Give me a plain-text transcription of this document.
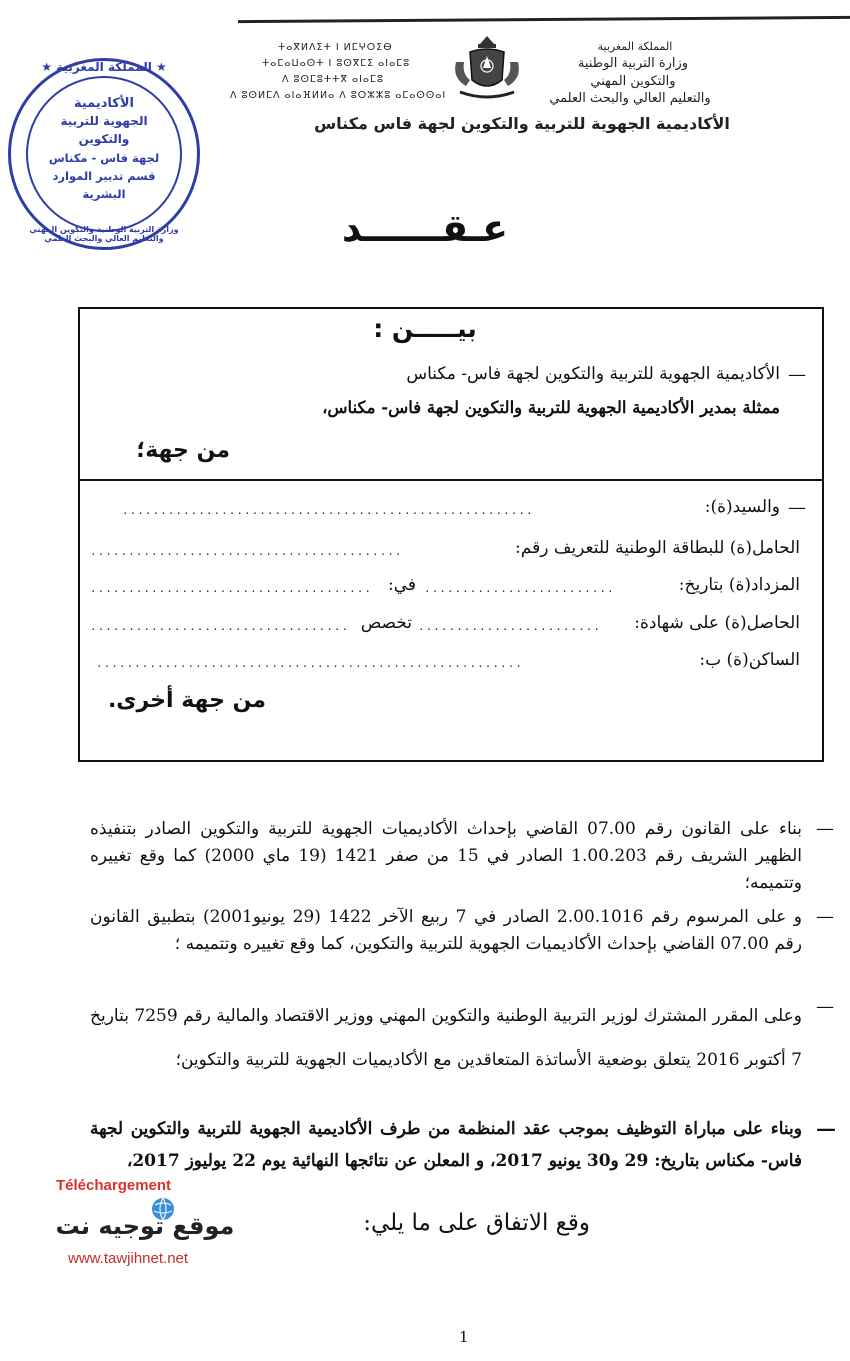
ⵜⴰⴳⵍⴷⵉⵜ ⵏ ⵍⵎⵖⵔⵉⴱ
ⵜⴰⵎⴰⵡⴰⵙⵜ ⵏ ⵓⵙⴳⵎⵉ ⴰⵏⴰⵎⵓ
ⴷ ⵓⵙⵎⵓⵜⵜⴳ ⴰⵏⴰⵎⵓ
ⴷ ⵓⵙⵍⵎⴷ ⴰⵏⴰⴼⵍⵍⴰ ⴷ ⵓⵔⵣⵣⵓ ⴰⵎⴰⵙⵙⴰⵏ
المملكة المغربية
وزارة التربية الوطنية
والتكوين المهني
والتعليم العالي والبحث العلمي
الأكاديمية الجهوية للتربية والتكوين لجهة فاس مكناس
★ المملكة المغربية ★
الأكاديمية
الجهوية للتربية
والتكوين
لجهة فاس - مكناس
قسم تدبير الموارد
البشرية
وزارة التربية الوطنية والتكوين المهني والتعليم العالي والبحث العلمي	عـقــــــد
بيـــــن :
—
الأكاديمية الجهوية للتربية والتكوين لجهة فاس- مكناس
ممثلة بمدير الأكاديمية الجهوية للتربية والتكوين لجهة فاس- مكناس،
من جهة؛
—
والسيد(ة):
......................................................
الحامل(ة) للبطاقة الوطنية للتعريف رقم:
.........................................
المزداد(ة) بتاريخ:
.........................
في:
.....................................
الحاصل(ة) على شهادة:
........................
تخصص
..................................
الساكن(ة) ب:
........................................................
من جهة أخرى.
—
بناء على القانون رقم 07.00 القاضي بإحداث الأكاديميات الجهوية للتربية والتكوين الصادر بتنفيذه الظهير الشريف رقم 1.00.203 الصادر في 15 من صفر 1421 (19 ماي 2000) كما وقع تغييره وتتميمه؛
—
و على المرسوم رقم 2.00.1016 الصادر في 7 ربيع الآخر 1422 (29 يونيو2001) بتطبيق القانون رقم 07.00 القاضي بإحداث الأكاديميات الجهوية للتربية والتكوين، كما وقع تغييره وتتميمه ؛
—
وعلى المقرر المشترك لوزير التربية الوطنية والتكوين المهني ووزير الاقتصاد والمالية رقم 7259 بتاريخ 7 أكتوبر 2016 يتعلق بوضعية الأساتذة المتعاقدين مع الأكاديميات الجهوية للتربية والتكوين؛
—
وبناء على مباراة التوظيف بموجب عقد المنظمة من طرف الأكاديمية الجهوية للتربية والتكوين لجهة فاس- مكناس بتاريخ: 29 و30 يونيو 2017، و المعلن عن نتائجها النهائية يوم 22 يوليوز 2017،
وقع الاتفاق على ما يلي:
Téléchargement
موقع توجيه نت
www.tawjihnet.net
1
